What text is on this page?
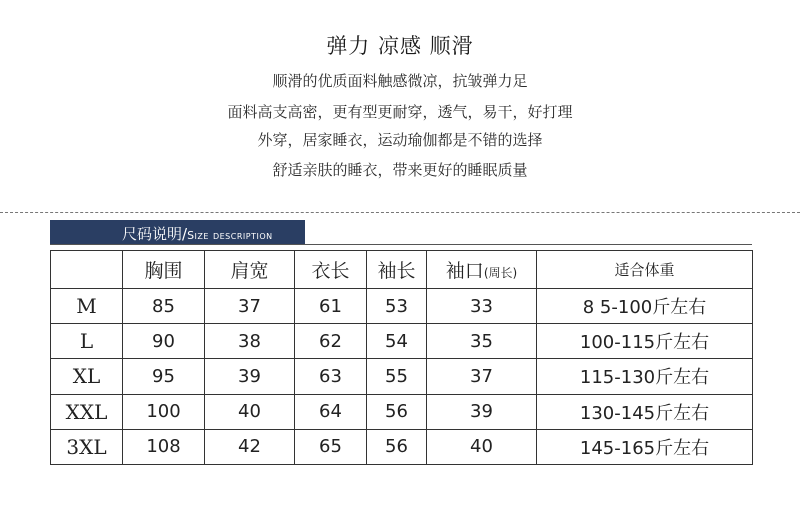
弹力 凉感 顺滑
顺滑的优质面料触感微凉，抗皱弹力足
面料高支高密，更有型更耐穿，透气，易干，好打理
外穿，居家睡衣，运动瑜伽都是不错的选择
舒适亲肤的睡衣，带来更好的睡眠质量
尺码说明/Size description
	胸围	肩宽	衣长	袖长	袖口(周长)	适合体重
M	85	37	61	53	33	8 5-100斤左右
L	90	38	62	54	35	100-115斤左右
XL	95	39	63	55	37	115-130斤左右
XXL	100	40	64	56	39	130-145斤左右
3XL	108	42	65	56	40	145-165斤左右
